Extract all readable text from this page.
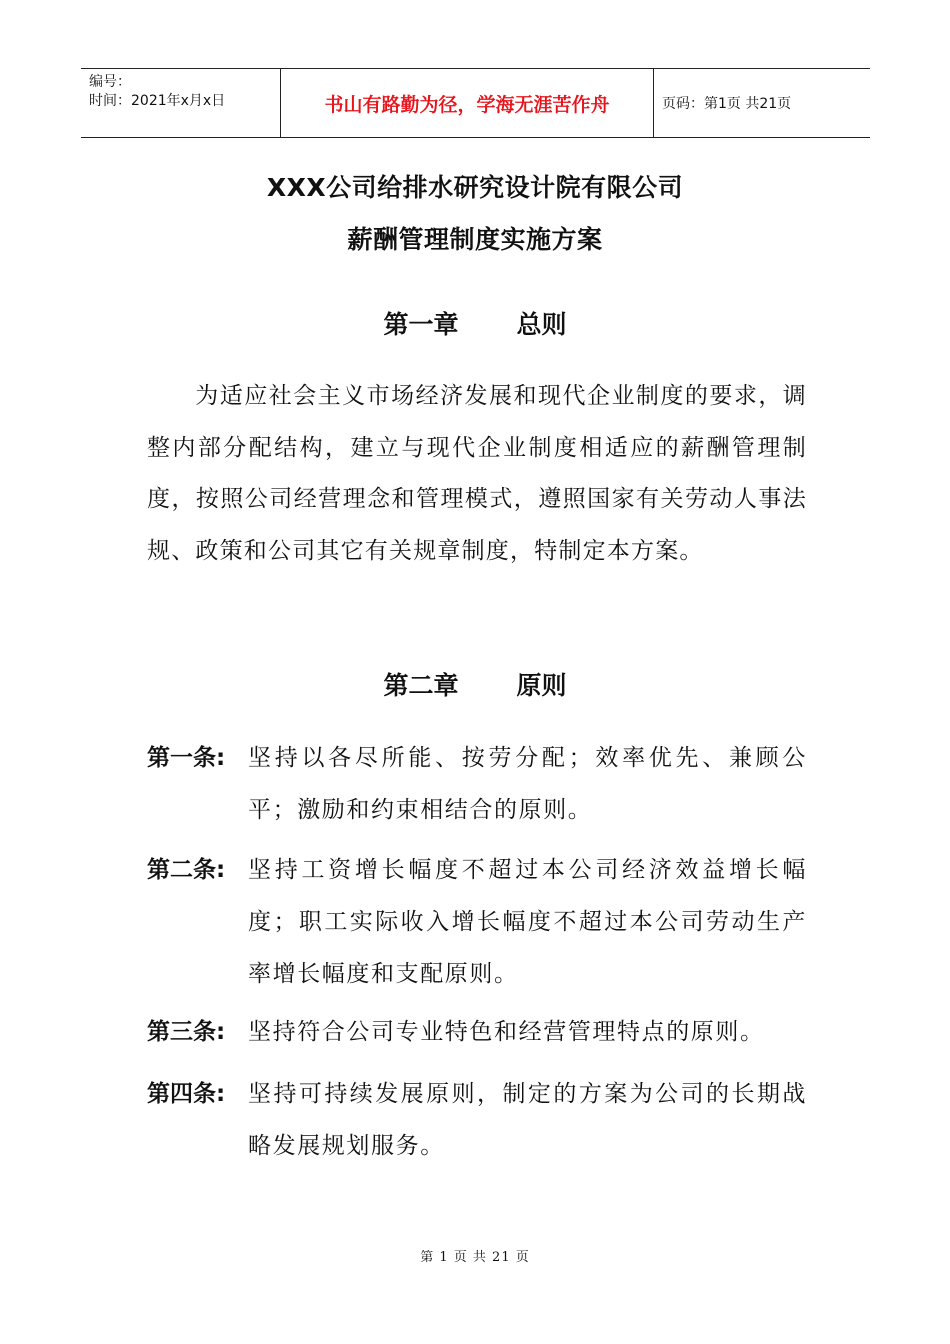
编号：
时间：2021年x月x日	书山有路勤为径，学海无涯苦作舟	页码：第1页 共21页
XXX公司给排水研究设计院有限公司
薪酬管理制度实施方案
第一章 总则
为适应社会主义市场经济发展和现代企业制度的要求，调整内部分配结构，建立与现代企业制度相适应的薪酬管理制度，按照公司经营理念和管理模式，遵照国家有关劳动人事法规、政策和公司其它有关规章制度，特制定本方案。
第二章 原则
第一条: 坚持以各尽所能、按劳分配；效率优先、兼顾公平；激励和约束相结合的原则。
第二条: 坚持工资增长幅度不超过本公司经济效益增长幅度；职工实际收入增长幅度不超过本公司劳动生产率增长幅度和支配原则。
第三条: 坚持符合公司专业特色和经营管理特点的原则。
第四条: 坚持可持续发展原则，制定的方案为公司的长期战略发展规划服务。
第 1 页 共 21 页
